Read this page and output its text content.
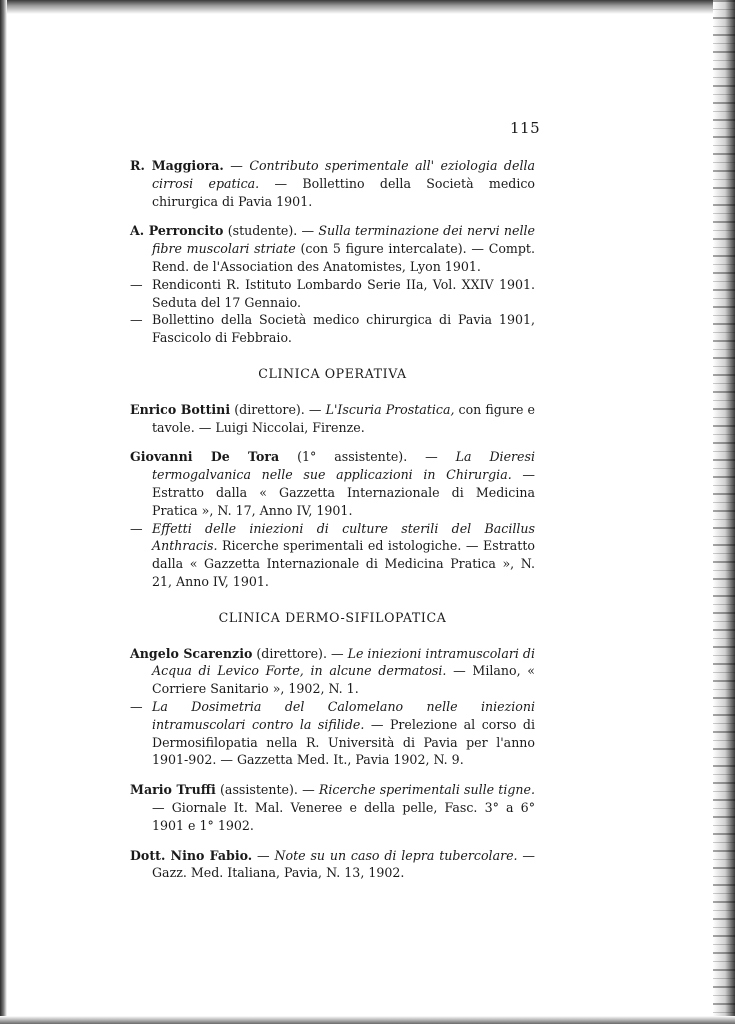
115

R. Maggiora. — Contributo sperimentale all' eziologia della cirrosi epatica. — Bollettino della Società medico chirurgica di Pavia 1901.

A. Perroncito (studente). — Sulla terminazione dei nervi nelle fibre muscolari striate (con 5 figure intercalate). — Compt. Rend. de l'Association des Anatomistes, Lyon 1901.

— Rendiconti R. Istituto Lombardo Serie IIa, Vol. XXIV 1901. Seduta del 17 Gennaio.

— Bollettino della Società medico chirurgica di Pavia 1901, Fascicolo di Febbraio.

CLINICA OPERATIVA

Enrico Bottini (direttore). — L'Iscuria Prostatica, con figure e tavole. — Luigi Niccolai, Firenze.

Giovanni De Tora (1° assistente). — La Dieresi termogalvanica nelle sue applicazioni in Chirurgia. — Estratto dalla « Gazzetta Internazionale di Medicina Pratica », N. 17, Anno IV, 1901.

— Effetti delle iniezioni di culture sterili del Bacillus Anthracis. Ricerche sperimentali ed istologiche. — Estratto dalla « Gazzetta Internazionale di Medicina Pratica », N. 21, Anno IV, 1901.

CLINICA DERMO-SIFILOPATICA

Angelo Scarenzio (direttore). — Le iniezioni intramuscolari di Acqua di Levico Forte, in alcune dermatosi. — Milano, « Corriere Sanitario », 1902, N. 1.

— La Dosimetria del Calomelano nelle iniezioni intramuscolari contro la sifilide. — Prelezione al corso di Dermosifilopatia nella R. Università di Pavia per l'anno 1901-902. — Gazzetta Med. It., Pavia 1902, N. 9.

Mario Truffi (assistente). — Ricerche sperimentali sulle tigne. — Giornale It. Mal. Veneree e della pelle, Fasc. 3° a 6° 1901 e 1° 1902.

Dott. Nino Fabio. — Note su un caso di lepra tubercolare. — Gazz. Med. Italiana, Pavia, N. 13, 1902.
